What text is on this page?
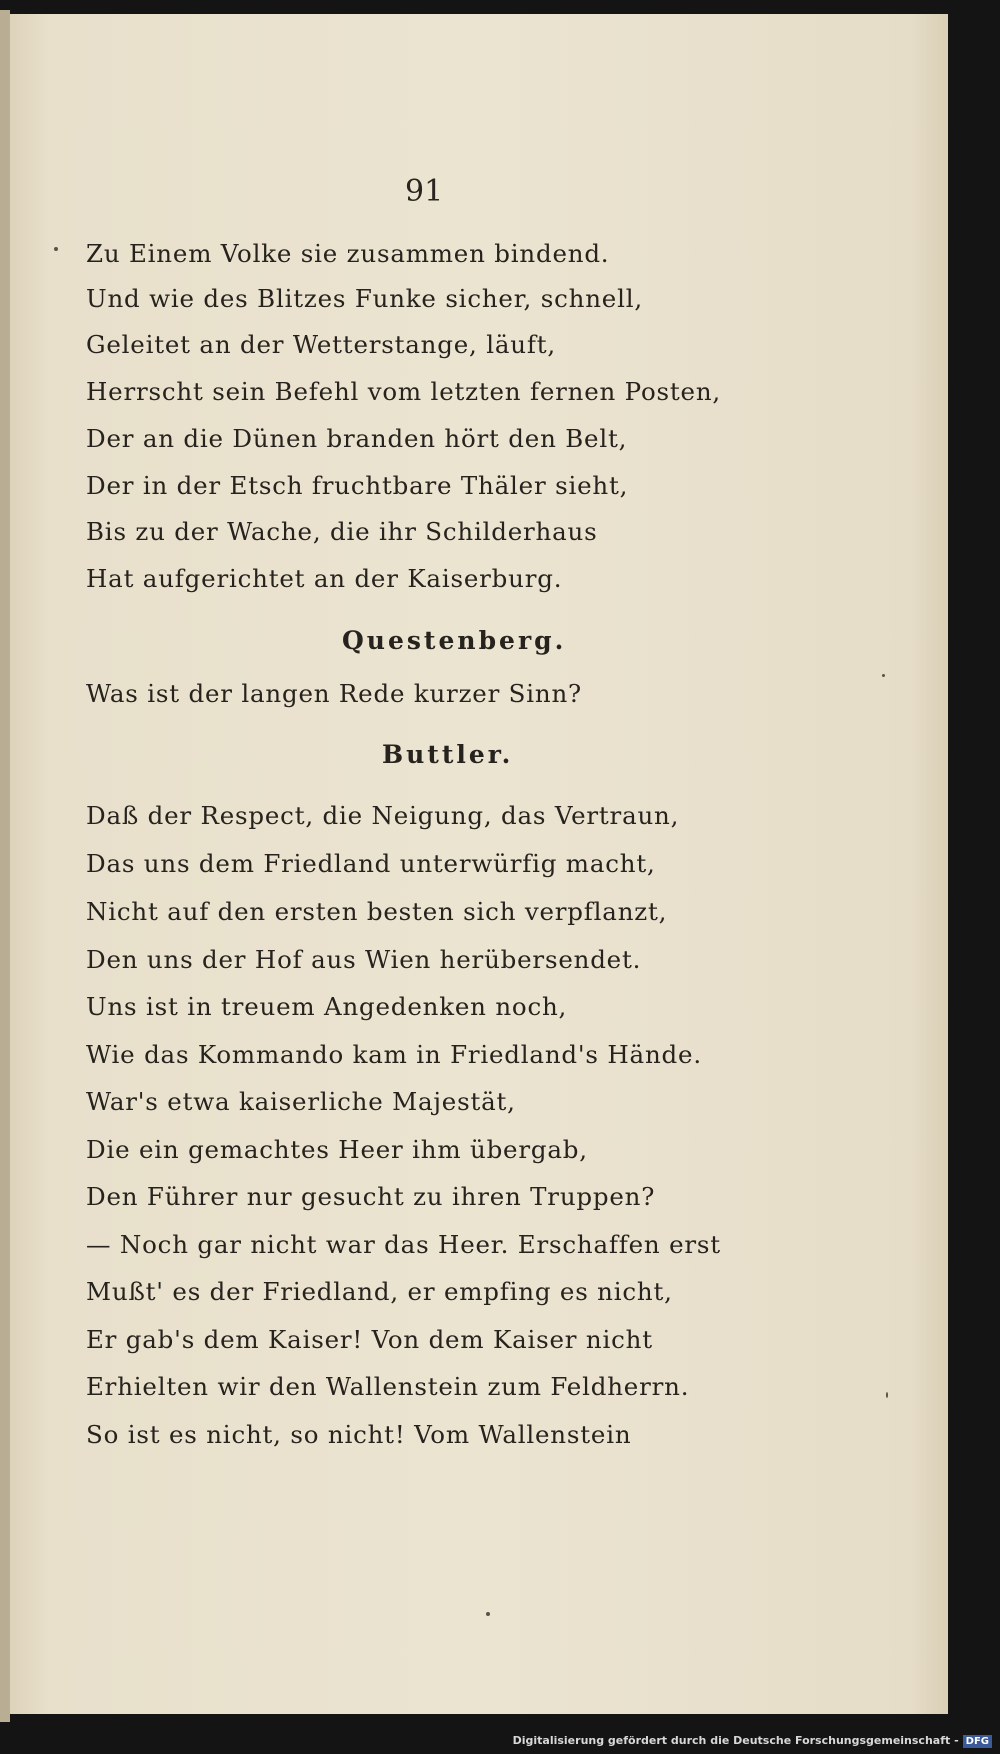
91
Zu Einem Volke sie zusammen bindend.
Und wie des Blitzes Funke sicher, schnell,
Geleitet an der Wetterstange, läuft,
Herrscht sein Befehl vom letzten fernen Posten,
Der an die Dünen branden hört den Belt,
Der in der Etsch fruchtbare Thäler sieht,
Bis zu der Wache, die ihr Schilderhaus
Hat aufgerichtet an der Kaiserburg.
Questenberg.
Was ist der langen Rede kurzer Sinn?
Buttler.
Daß der Respect, die Neigung, das Vertraun,
Das uns dem Friedland unterwürfig macht,
Nicht auf den ersten besten sich verpflanzt,
Den uns der Hof aus Wien herübersendet.
Uns ist in treuem Angedenken noch,
Wie das Kommando kam in Friedland's Hände.
War's etwa kaiserliche Majestät,
Die ein gemachtes Heer ihm übergab,
Den Führer nur gesucht zu ihren Truppen?
— Noch gar nicht war das Heer. Erschaffen erst
Mußt' es der Friedland, er empfing es nicht,
Er gab's dem Kaiser! Von dem Kaiser nicht
Erhielten wir den Wallenstein zum Feldherrn.
So ist es nicht, so nicht! Vom Wallenstein
Digitalisierung gefördert durch die Deutsche Forschungsgemeinschaft - DFG
